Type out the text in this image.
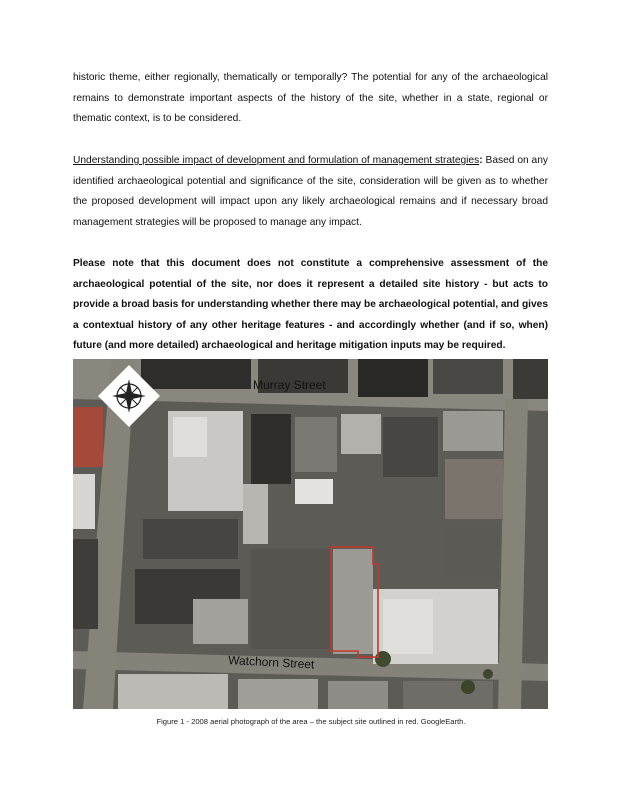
historic theme, either regionally, thematically or temporally? The potential for any of the archaeological remains to demonstrate important aspects of the history of the site, whether in a state, regional or thematic context, is to be considered.

Understanding possible impact of development and formulation of management strategies: Based on any identified archaeological potential and significance of the site, consideration will be given as to whether the proposed development will impact upon any likely archaeological remains and if necessary broad management strategies will be proposed to manage any impact.

Please note that this document does not constitute a comprehensive assessment of the archaeological potential of the site, nor does it represent a detailed site history - but acts to provide a broad basis for understanding whether there may be archaeological potential, and gives a contextual history of any other heritage features - and accordingly whether (and if so, when) future (and more detailed) archaeological and heritage mitigation inputs may be required.

Murray Street
Watchorn Street
Figure 1 - 2008 aerial photograph of the area – the subject site outlined in red. GoogleEarth.
